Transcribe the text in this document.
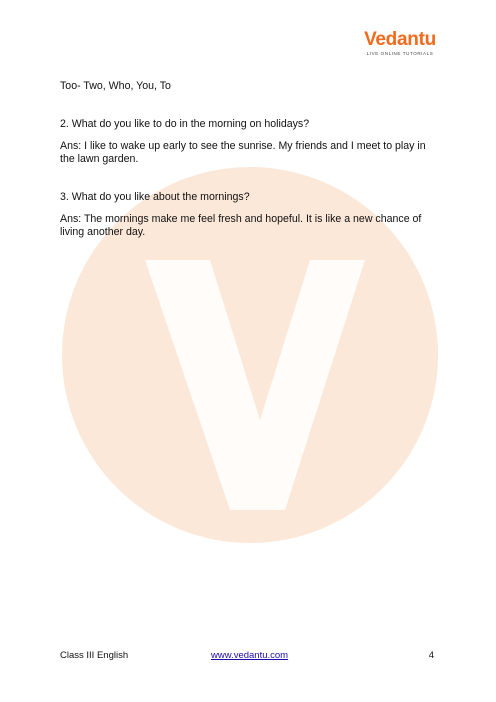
Vedantu
LIVE ONLINE TUTORIALS

Too- Two, Who, You, To

2. What do you like to do in the morning on holidays?

Ans: I like to wake up early to see the sunrise. My friends and I meet to play in the lawn garden.

3. What do you like about the mornings?

Ans: The mornings make me feel fresh and hopeful. It is like a new chance of living another day.

Class III English	www.vedantu.com	4
